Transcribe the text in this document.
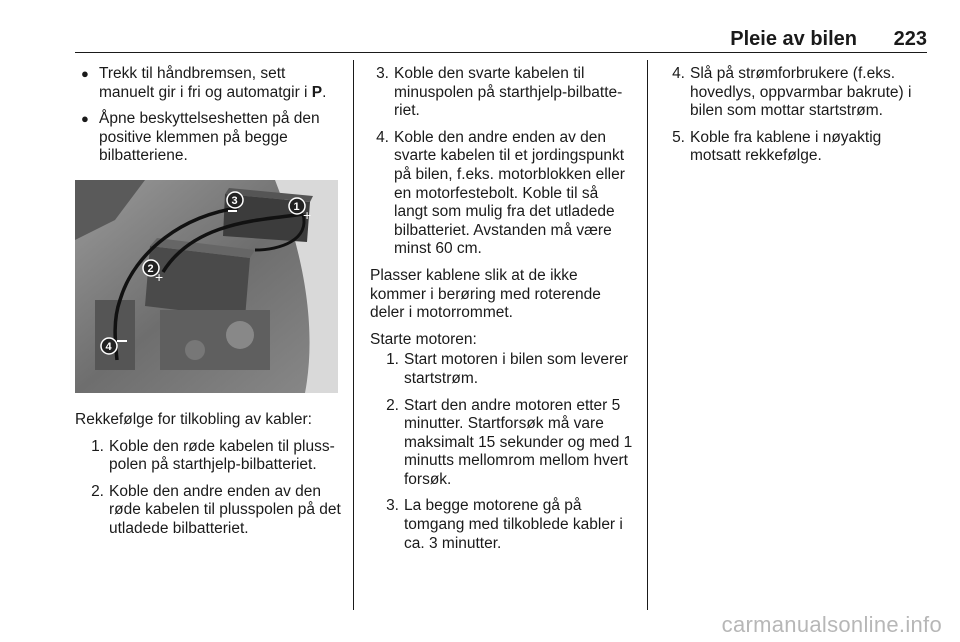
Pleie av bilen 223
● Trekk til håndbremsen, sett manuelt gir i fri og automatgir i P.
● Åpne beskyttelseshetten på den positive klemmen på begge bilbatteriene.
1 +
3
2 +
4
Rekkefølge for tilkobling av kabler:
1. Koble den røde kabelen til plusspolen på starthjelp-bilbatteriet.
2. Koble den andre enden av den røde kabelen til plusspolen på det utladede bilbatteriet.
3. Koble den svarte kabelen til minuspolen på starthjelp-bilbatteriet.
4. Koble den andre enden av den svarte kabelen til et jordingspunkt på bilen, f.eks. motorblokken eller en motorfestebolt. Koble til så langt som mulig fra det utladede bilbatteriet. Avstanden må være minst 60 cm.
Plasser kablene slik at de ikke kommer i berøring med roterende deler i motorrommet.
Starte motoren:
1. Start motoren i bilen som leverer startstrøm.
2. Start den andre motoren etter 5 minutter. Startforsøk må vare maksimalt 15 sekunder og med 1 minutts mellomrom mellom hvert forsøk.
3. La begge motorene gå på tomgang med tilkoblede kabler i ca. 3 minutter.
4. Slå på strømforbrukere (f.eks. hovedlys, oppvarmbar bakrute) i bilen som mottar startstrøm.
5. Koble fra kablene i nøyaktig motsatt rekkefølge.
carmanualsonline.info
